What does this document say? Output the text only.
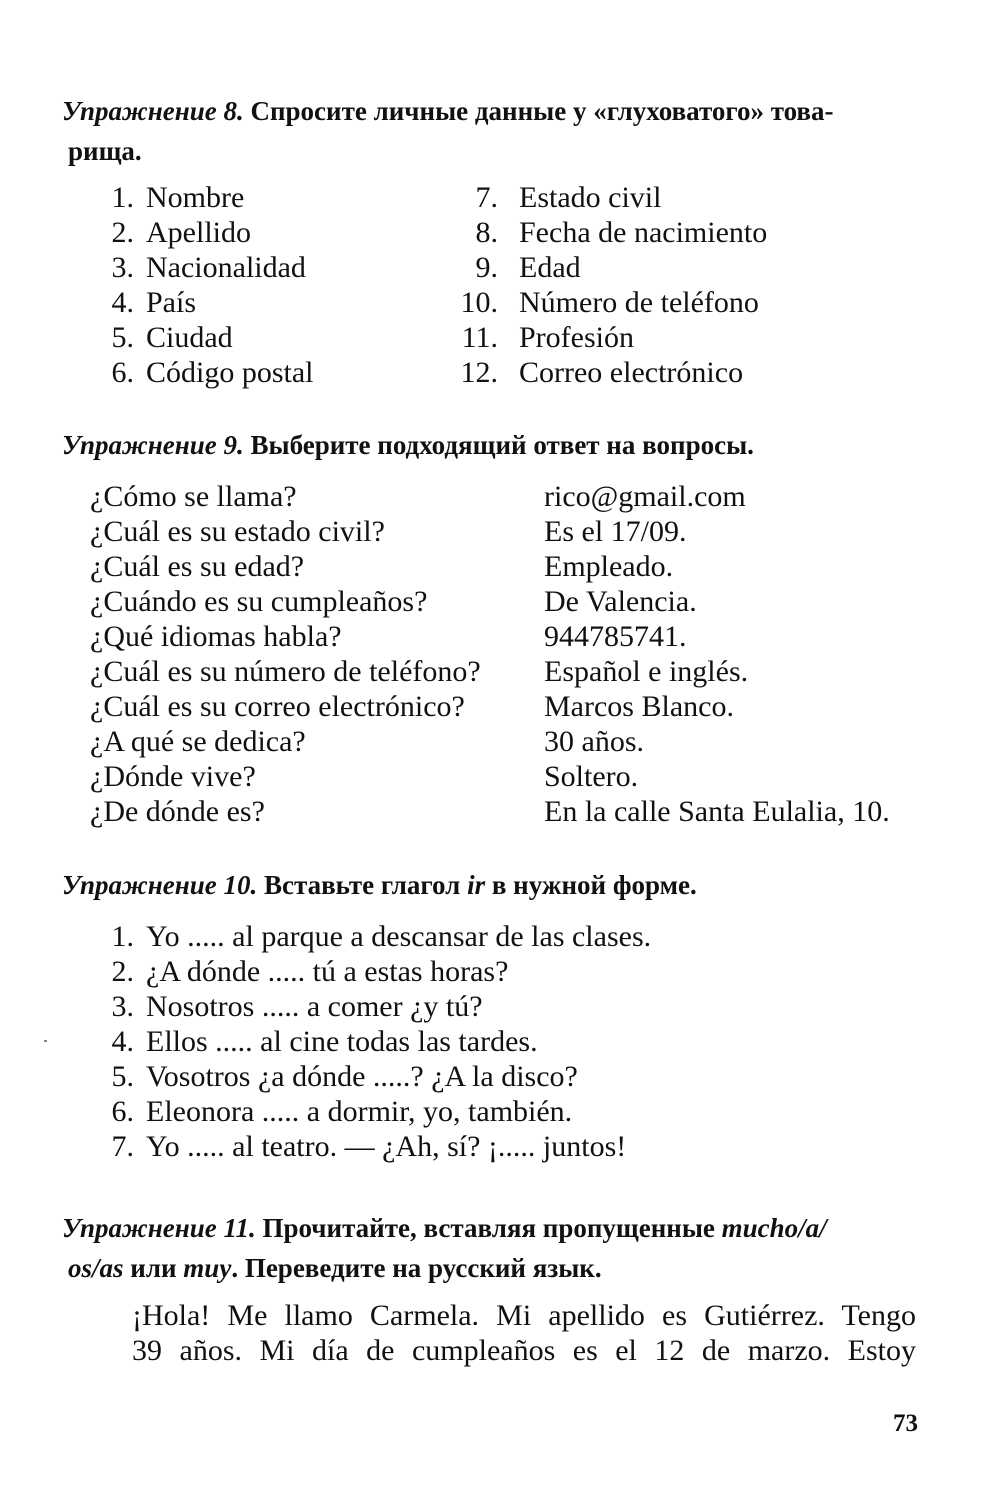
Упражнение 8. Спросите личные данные у «глуховатого» това-
рища.
1. Nombre
2. Apellido
3. Nacionalidad
4. País
5. Ciudad
6. Código postal
7. Estado civil
8. Fecha de nacimiento
9. Edad
10. Número de teléfono
11. Profesión
12. Correo electrónico
Упражнение 9. Выберите подходящий ответ на вопросы.
¿Cómo se llama?
¿Cuál es su estado civil?
¿Cuál es su edad?
¿Cuándo es su cumpleaños?
¿Qué idiomas habla?
¿Cuál es su número de teléfono?
¿Cuál es su correo electrónico?
¿A qué se dedica?
¿Dónde vive?
¿De dónde es?
rico@gmail.com
Es el 17/09.
Empleado.
De Valencia.
944785741.
Español e inglés.
Marcos Blanco.
30 años.
Soltero.
En la calle Santa Eulalia, 10.
Упражнение 10. Вставьте глагол ir в нужной форме.
1. Yo ..... al parque a descansar de las clases.
2. ¿A dónde ..... tú a estas horas?
3. Nosotros ..... a comer ¿y tú?
4. Ellos ..... al cine todas las tardes.
5. Vosotros ¿a dónde .....? ¿A la disco?
6. Eleonora ..... a dormir, yo, también.
7. Yo ..... al teatro. — ¿Ah, sí? ¡..... juntos!
Упражнение 11. Прочитайте, вставляя пропущенные mucho/a/
os/as или muy. Переведите на русский язык.
¡Hola! Me llamo Carmela. Mi apellido es Gutiérrez. Tengo
39 años. Mi día de cumpleaños es el 12 de marzo. Estoy
73
